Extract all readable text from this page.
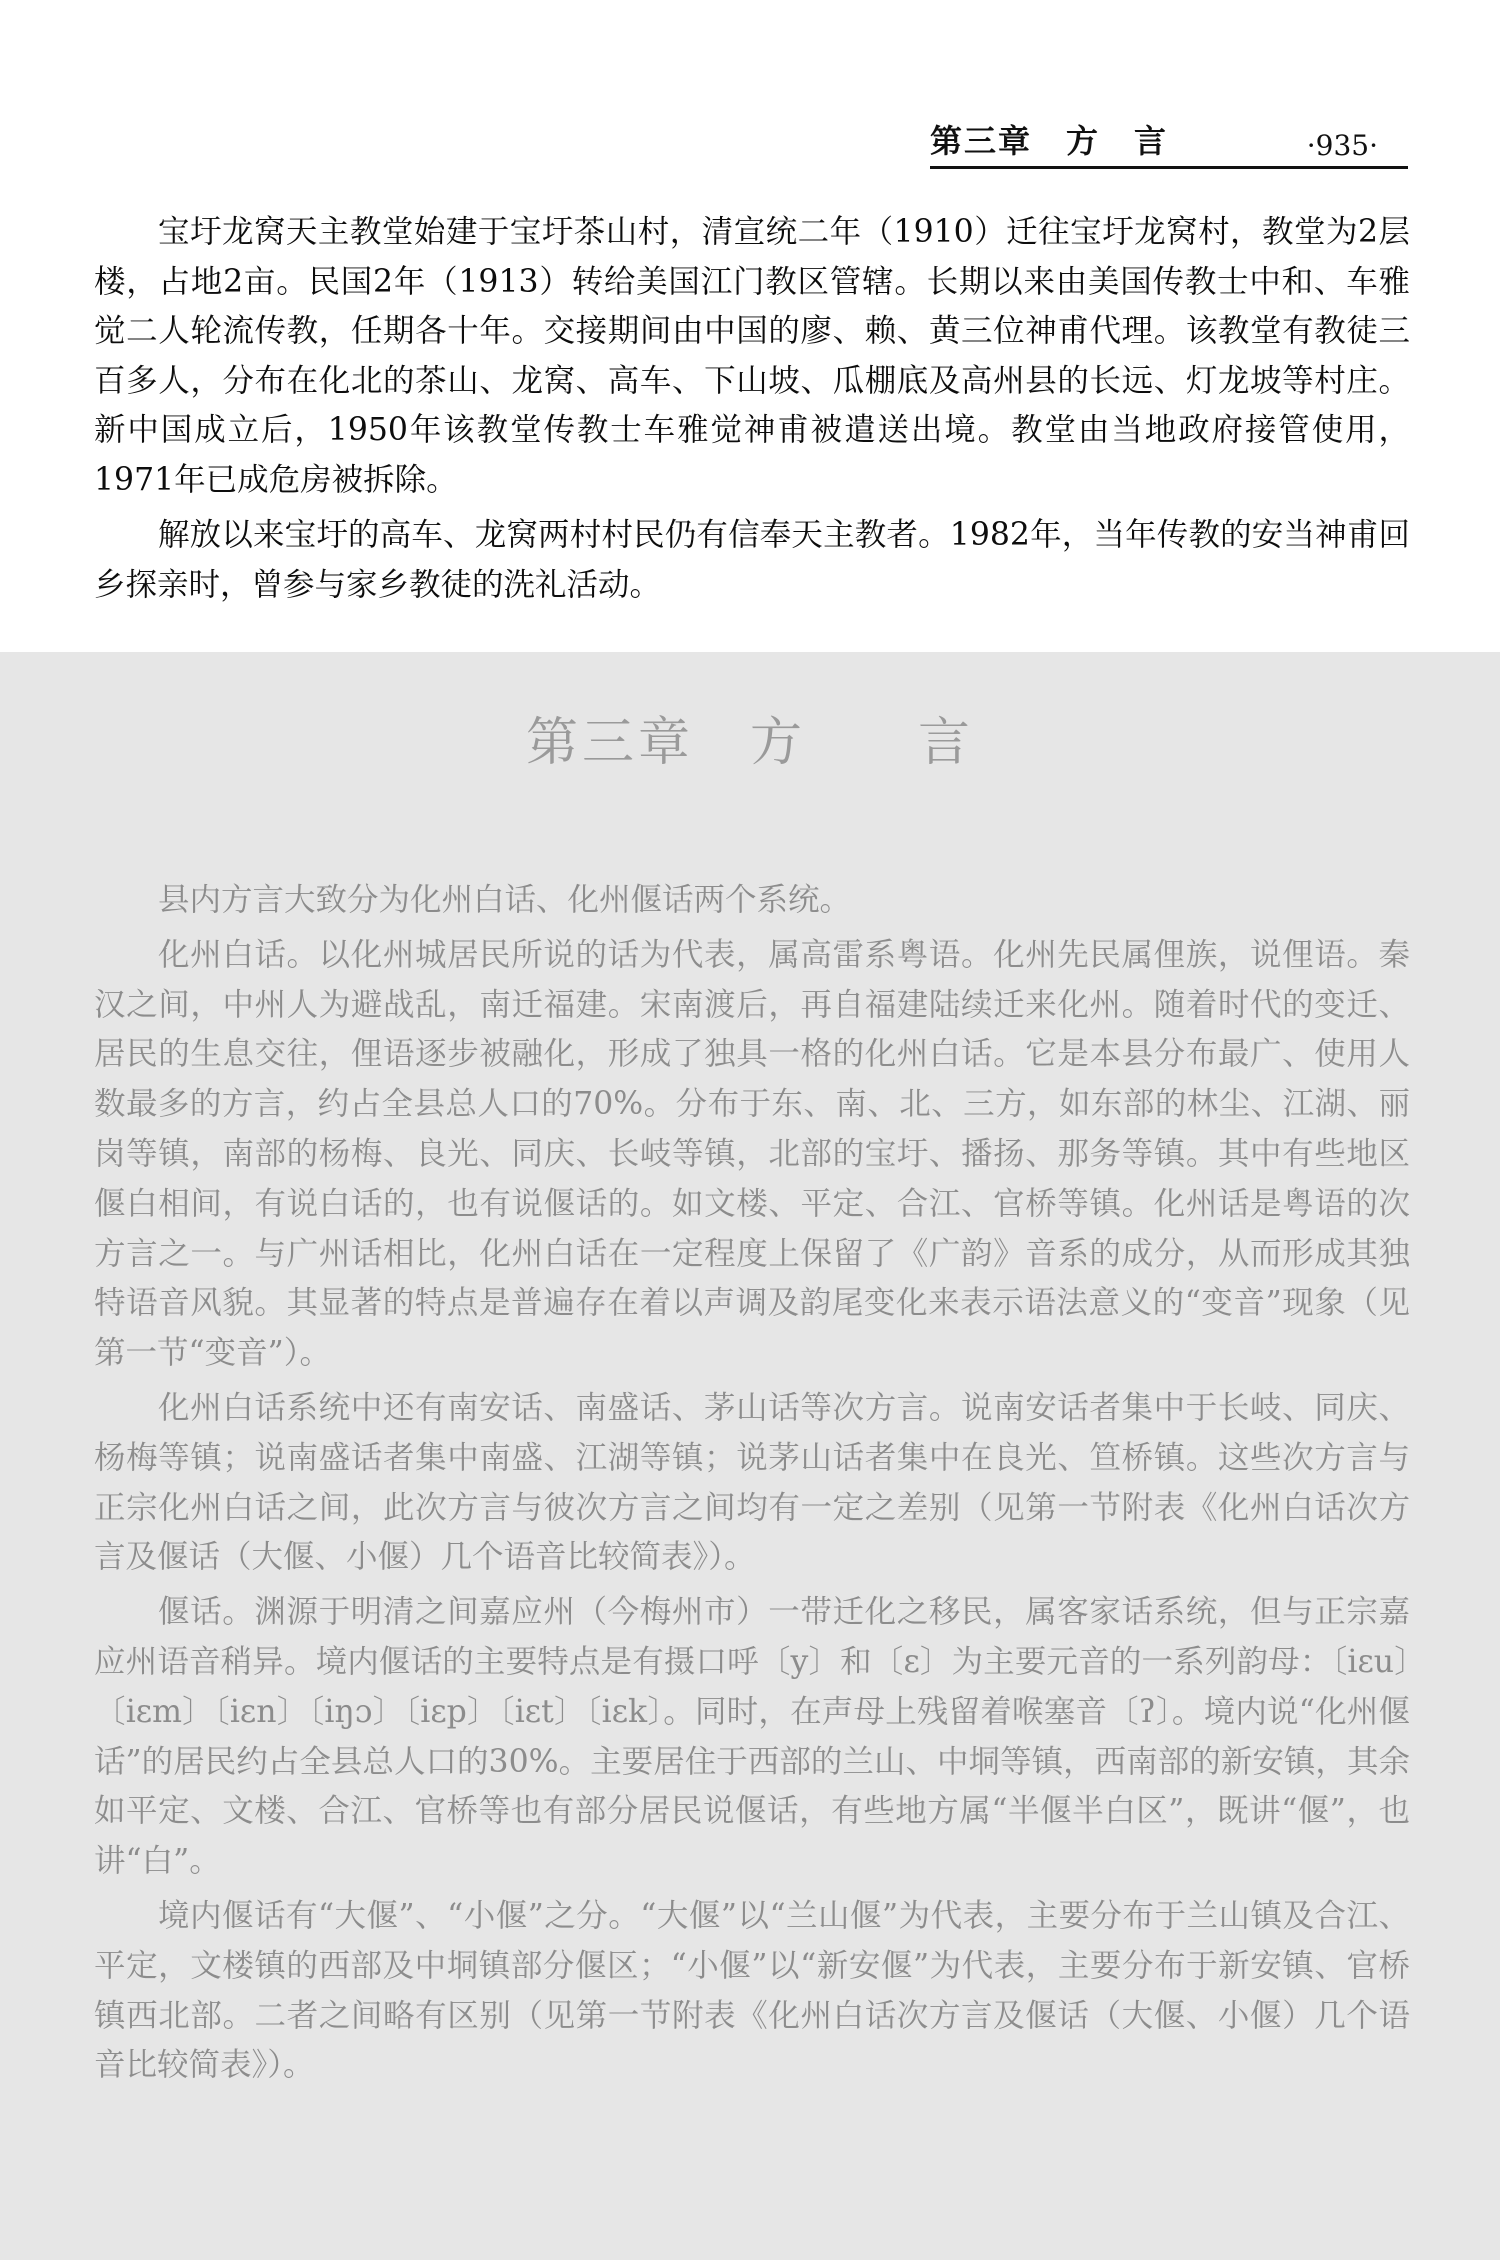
第三章　方　言	·935·

宝圩龙窝天主教堂始建于宝圩茶山村，清宣统二年（1910）迁往宝圩龙窝村，教堂为2层楼，占地2亩。民国2年（1913）转给美国江门教区管辖。长期以来由美国传教士中和、车雅觉二人轮流传教，任期各十年。交接期间由中国的廖、赖、黄三位神甫代理。该教堂有教徒三百多人，分布在化北的茶山、龙窝、高车、下山坡、瓜棚底及高州县的长远、灯龙坡等村庄。新中国成立后，1950年该教堂传教士车雅觉神甫被遣送出境。教堂由当地政府接管使用，1971年已成危房被拆除。

解放以来宝圩的高车、龙窝两村村民仍有信奉天主教者。1982年，当年传教的安当神甫回乡探亲时，曾参与家乡教徒的洗礼活动。

第三章　方　　言

县内方言大致分为化州白话、化州偃话两个系统。

化州白话。以化州城居民所说的话为代表，属高雷系粤语。化州先民属俚族，说俚语。秦汉之间，中州人为避战乱，南迁福建。宋南渡后，再自福建陆续迁来化州。随着时代的变迁、居民的生息交往，俚语逐步被融化，形成了独具一格的化州白话。它是本县分布最广、使用人数最多的方言，约占全县总人口的70%。分布于东、南、北、三方，如东部的林尘、江湖、丽岗等镇，南部的杨梅、良光、同庆、长岐等镇，北部的宝圩、播扬、那务等镇。其中有些地区偃白相间，有说白话的，也有说偃话的。如文楼、平定、合江、官桥等镇。化州话是粤语的次方言之一。与广州话相比，化州白话在一定程度上保留了《广韵》音系的成分，从而形成其独特语音风貌。其显著的特点是普遍存在着以声调及韵尾变化来表示语法意义的“变音”现象（见第一节“变音”）。

化州白话系统中还有南安话、南盛话、茅山话等次方言。说南安话者集中于长岐、同庆、杨梅等镇；说南盛话者集中南盛、江湖等镇；说茅山话者集中在良光、笪桥镇。这些次方言与正宗化州白话之间，此次方言与彼次方言之间均有一定之差别（见第一节附表《化州白话次方言及偃话（大偃、小偃）几个语音比较简表》）。

偃话。渊源于明清之间嘉应州（今梅州市）一带迁化之移民，属客家话系统，但与正宗嘉应州语音稍异。境内偃话的主要特点是有摄口呼〔y〕和〔ε〕为主要元音的一系列韵母：〔iεu〕〔iεm〕〔iεn〕〔iŋɔ〕〔iεp〕〔iεt〕〔iεk〕。同时，在声母上残留着喉塞音〔ʔ〕。境内说“化州偃话”的居民约占全县总人口的30%。主要居住于西部的兰山、中垌等镇，西南部的新安镇，其余如平定、文楼、合江、官桥等也有部分居民说偃话，有些地方属“半偃半白区”，既讲“偃”，也讲“白”。

境内偃话有“大偃”、“小偃”之分。“大偃”以“兰山偃”为代表，主要分布于兰山镇及合江、平定，文楼镇的西部及中垌镇部分偃区；“小偃”以“新安偃”为代表，主要分布于新安镇、官桥镇西北部。二者之间略有区别（见第一节附表《化州白话次方言及偃话（大偃、小偃）几个语音比较简表》）。
